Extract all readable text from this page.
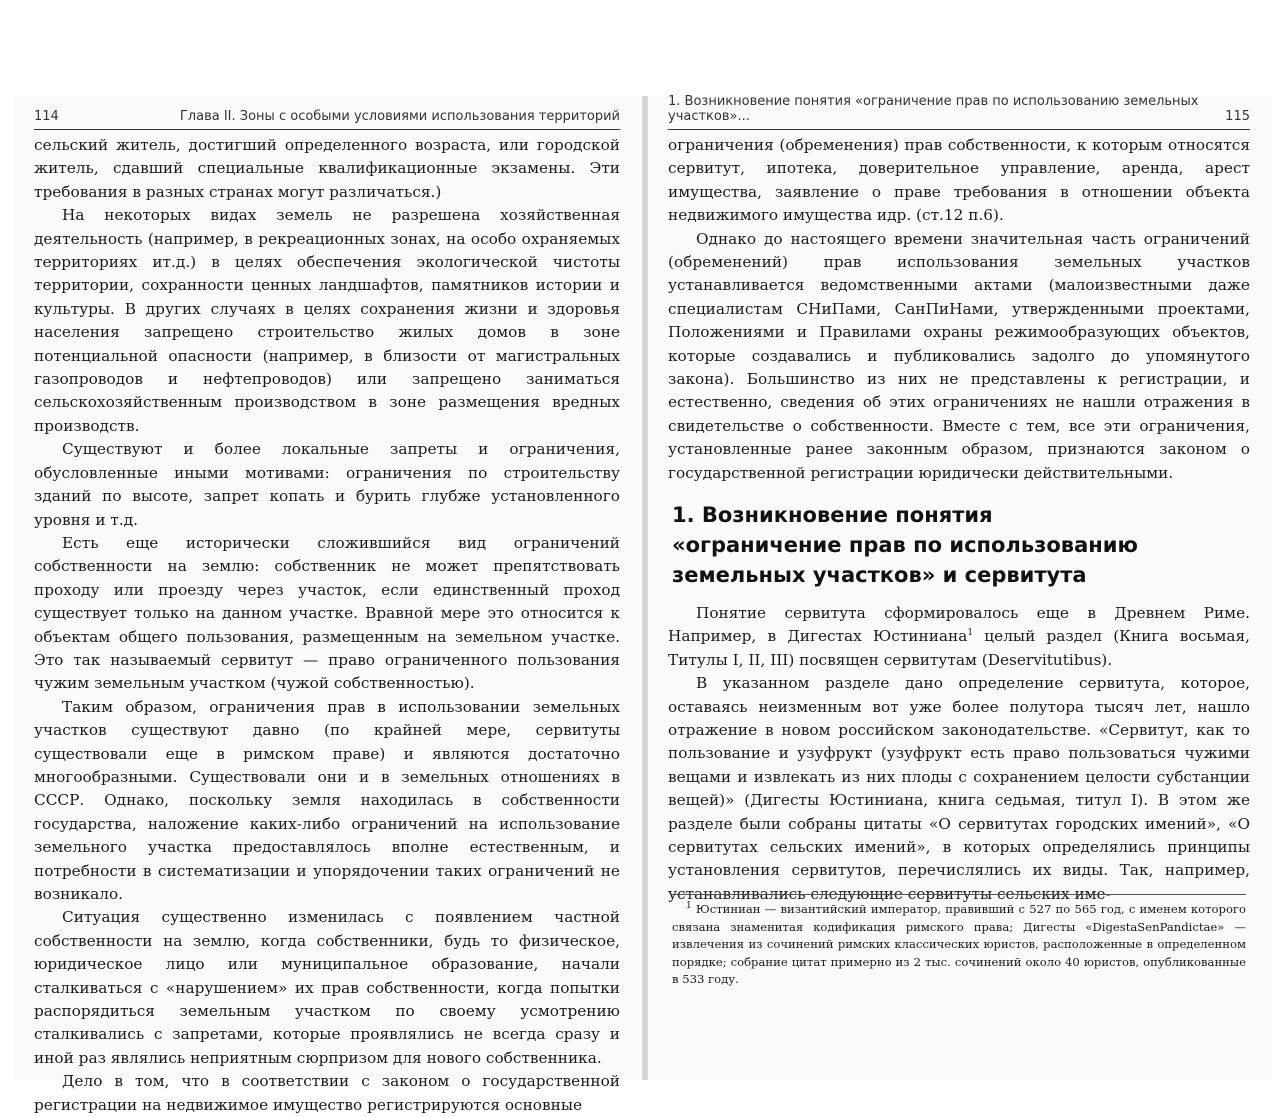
114	Глава II. Зоны с особыми условиями использования территорий

сельский житель, достигший определенного возраста, или городской житель, сдавший специальные квалификационные экзамены. Эти требования в разных странах могут различаться.)

На некоторых видах земель не разрешена хозяйственная деятельность (например, в рекреационных зонах, на особо охраняемых территориях ит.д.) в целях обеспечения экологической чистоты территории, сохранности ценных ландшафтов, памятников истории и культуры. В других случаях в целях сохранения жизни и здоровья населения запрещено строительство жилых домов в зоне потенциальной опасности (например, в близости от магистральных газопроводов и нефтепроводов) или запрещено заниматься сельскохозяйственным производством в зоне размещения вредных производств.

Существуют и более локальные запреты и ограничения, обусловленные иными мотивами: ограничения по строительству зданий по высоте, запрет копать и бурить глубже установленного уровня и т.д.

Есть еще исторически сложившийся вид ограничений собственности на землю: собственник не может препятствовать проходу или проезду через участок, если единственный проход существует только на данном участке. Вравной мере это относится к объектам общего пользования, размещенным на земельном участке. Это так называемый сервитут — право ограниченного пользования чужим земельным участком (чужой собственностью).

Таким образом, ограничения прав в использовании земельных участков существуют давно (по крайней мере, сервитуты существовали еще в римском праве) и являются достаточно многообразными. Существовали они и в земельных отношениях в СССР. Однако, поскольку земля находилась в собственности государства, наложение каких-либо ограничений на использование земельного участка предоставлялось вполне естественным, и потребности в систематизации и упорядочении таких ограничений не возникало.

Ситуация существенно изменилась с появлением частной собственности на землю, когда собственники, будь то физическое, юридическое лицо или муниципальное образование, начали сталкиваться с «нарушением» их прав собственности, когда попытки распорядиться земельным участком по своему усмотрению сталкивались с запретами, которые проявлялись не всегда сразу и иной раз являлись неприятным сюрпризом для нового собственника.

Дело в том, что в соответствии с законом о государственной регистрации на недвижимое имущество регистрируются основные

1. Возникновение понятия «ограничение прав по использованию земельных участков»...	115

ограничения (обременения) прав собственности, к которым относятся сервитут, ипотека, доверительное управление, аренда, арест имущества, заявление о праве требования в отношении объекта недвижимого имущества идр. (ст.12 п.6).

Однако до настоящего времени значительная часть ограничений (обременений) прав использования земельных участков устанавливается ведомственными актами (малоизвестными даже специалистам СНиПами, СанПиНами, утвержденными проектами, Положениями и Правилами охраны режимообразующих объектов, которые создавались и публиковались задолго до упомянутого закона). Большинство из них не представлены к регистрации, и естественно, сведения об этих ограничениях не нашли отражения в свидетельстве о собственности. Вместе с тем, все эти ограничения, установленные ранее законным образом, признаются законом о государственной регистрации юридически действительными.

1. Возникновение понятия
«ограничение прав по использованию
земельных участков» и сервитута

Понятие сервитута сформировалось еще в Древнем Риме. Например, в Дигестах Юстиниана$^1$ целый раздел (Книга восьмая, Титулы I, II, III) посвящен сервитутам (Deservitutibus).

В указанном разделе дано определение сервитута, которое, оставаясь неизменным вот уже более полутора тысяч лет, нашло отражение в новом российском законодательстве. «Сервитут, как то пользование и узуфрукт (узуфрукт есть право пользоваться чужими вещами и извлекать из них плоды с сохранением целости субстанции вещей)» (Дигесты Юстиниана, книга седьмая, титул I). В этом же разделе были собраны цитаты «О сервитутах городских имений», «О сервитутах сельских имений», в которых определялись принципы установления сервитутов, перечислялись их виды. Так, например, устанавливались следующие сервитуты сельских име-

$^1$ Юстиниан — византийский император, правивший с 527 по 565 год, с именем которого связана знаменитая кодификация римского права; Дигесты «DigestaSenPandictae» — извлечения из сочинений римских классических юристов, расположенные в определенном порядке; собрание цитат примерно из 2 тыс. сочинений около 40 юристов, опубликованные в 533 году.
